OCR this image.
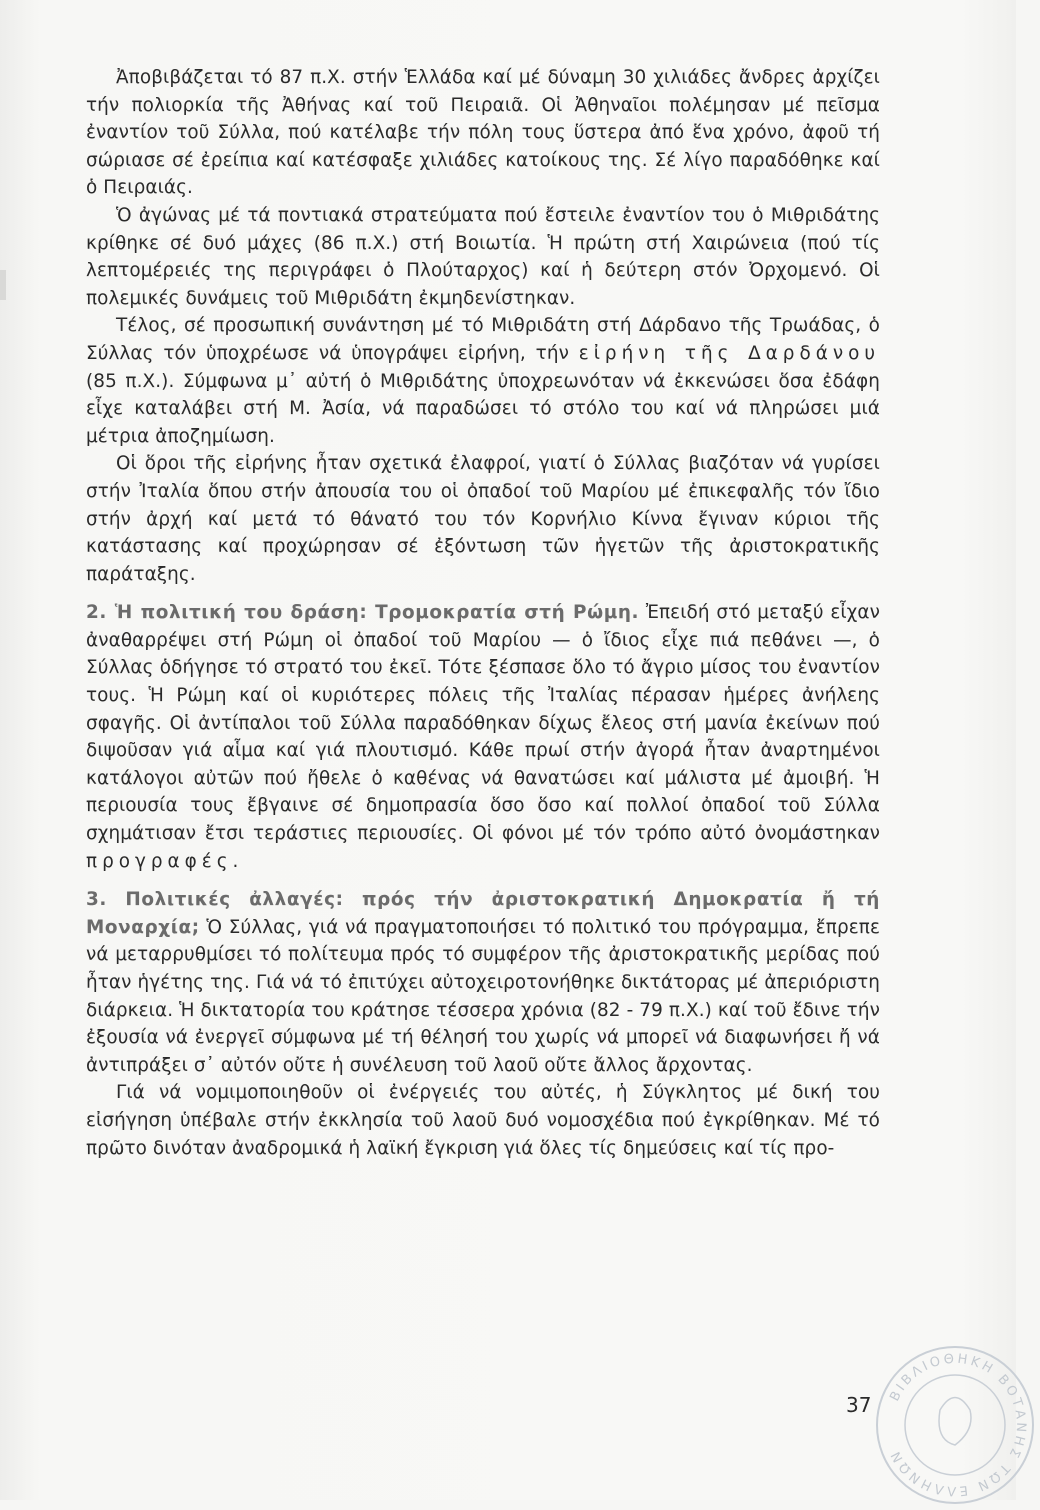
Ἀποβιβάζεται τό 87 π.Χ. στήν Ἑλλάδα καί μέ δύναμη 30 χιλιάδες ἄνδρες ἀρχίζει τήν πολιορκία τῆς Ἀθήνας καί τοῦ Πειραιᾶ. Οἱ Ἀθηναῖοι πολέμησαν μέ πεῖσμα ἐναντίον τοῦ Σύλλα, πού κατέλαβε τήν πόλη τους ὕστερα ἀπό ἕνα χρόνο, ἀφοῦ τή σώριασε σέ ἐρείπια καί κατέσφαξε χιλιάδες κατοίκους της. Σέ λίγο παραδόθηκε καί ὁ Πειραιάς.

Ὁ ἀγώνας μέ τά ποντιακά στρατεύματα πού ἔστειλε ἐναντίον του ὁ Μιθριδάτης κρίθηκε σέ δυό μάχες (86 π.Χ.) στή Βοιωτία. Ἡ πρώτη στή Χαιρώνεια (πού τίς λεπτομέρειές της περιγράφει ὁ Πλούταρχος) καί ἡ δεύτερη στόν Ὀρχομενό. Οἱ πολεμικές δυνάμεις τοῦ Μιθριδάτη ἐκμηδενίστηκαν.

Τέλος, σέ προσωπική συνάντηση μέ τό Μιθριδάτη στή Δάρδανο τῆς Τρωάδας, ὁ Σύλλας τόν ὑποχρέωσε νά ὑπογράψει εἰρήνη, τήν εἰρήνη τῆς Δαρδάνου (85 π.Χ.). Σύμφωνα μ᾽ αὐτή ὁ Μιθριδάτης ὑποχρεωνόταν νά ἐκκενώσει ὅσα ἐδάφη εἶχε καταλάβει στή Μ. Ἀσία, νά παραδώσει τό στόλο του καί νά πληρώσει μιά μέτρια ἀποζημίωση.

Οἱ ὅροι τῆς εἰρήνης ἦταν σχετικά ἐλαφροί, γιατί ὁ Σύλλας βιαζόταν νά γυρίσει στήν Ἰταλία ὅπου στήν ἀπουσία του οἱ ὀπαδοί τοῦ Μαρίου μέ ἐπικεφαλῆς τόν ἴδιο στήν ἀρχή καί μετά τό θάνατό του τόν Κορνήλιο Κίννα ἔγιναν κύριοι τῆς κατάστασης καί προχώρησαν σέ ἐξόντωση τῶν ἡγετῶν τῆς ἀριστοκρατικῆς παράταξης.

2. Ἡ πολιτική του δράση: Τρομοκρατία στή Ρώμη. Ἐπειδή στό μεταξύ εἶχαν ἀναθαρρέψει στή Ρώμη οἱ ὀπαδοί τοῦ Μαρίου — ὁ ἴδιος εἶχε πιά πεθάνει —, ὁ Σύλλας ὁδήγησε τό στρατό του ἐκεῖ. Τότε ξέσπασε ὅλο τό ἄγριο μίσος του ἐναντίον τους. Ἡ Ρώμη καί οἱ κυριότερες πόλεις τῆς Ἰταλίας πέρασαν ἡμέρες ἀνήλεης σφαγῆς. Οἱ ἀντίπαλοι τοῦ Σύλλα παραδόθηκαν δίχως ἔλεος στή μανία ἐκείνων πού διψοῦσαν γιά αἷμα καί γιά πλουτισμό. Κάθε πρωί στήν ἀγορά ἦταν ἀναρτημένοι κατάλογοι αὐτῶν πού ἤθελε ὁ καθένας νά θανατώσει καί μάλιστα μέ ἀμοιβή. Ἡ περιουσία τους ἔβγαινε σέ δημοπρασία ὅσο ὅσο καί πολλοί ὀπαδοί τοῦ Σύλλα σχημάτισαν ἔτσι τεράστιες περιουσίες. Οἱ φόνοι μέ τόν τρόπο αὐτό ὀνομάστηκαν προγραφές.

3. Πολιτικές ἀλλαγές: πρός τήν ἀριστοκρατική Δημοκρατία ἤ τή Μοναρχία; Ὁ Σύλλας, γιά νά πραγματοποιήσει τό πολιτικό του πρόγραμμα, ἔπρεπε νά μεταρρυθμίσει τό πολίτευμα πρός τό συμφέρον τῆς ἀριστοκρατικῆς μερίδας πού ἦταν ἡγέτης της. Γιά νά τό ἐπιτύχει αὐτοχειροτονήθηκε δικτάτορας μέ ἀπεριόριστη διάρκεια. Ἡ δικτατορία του κράτησε τέσσερα χρόνια (82 - 79 π.Χ.) καί τοῦ ἔδινε τήν ἐξουσία νά ἐνεργεῖ σύμφωνα μέ τή θέλησή του χωρίς νά μπορεῖ νά διαφωνήσει ἤ νά ἀντιπράξει σ᾽ αὐτόν οὔτε ἡ συνέλευση τοῦ λαοῦ οὔτε ἄλλος ἄρχοντας.

Γιά νά νομιμοποιηθοῦν οἱ ἐνέργειές του αὐτές, ἡ Σύγκλητος μέ δική του εἰσήγηση ὑπέβαλε στήν ἐκκλησία τοῦ λαοῦ δυό νομοσχέδια πού ἐγκρίθηκαν. Μέ τό πρῶτο δινόταν ἀναδρομικά ἡ λαϊκή ἔγκριση γιά ὅλες τίς δημεύσεις καί τίς προ-

37 ΒΙΒΛΙΟΘΗΚΗ ΒΟΤΑΝΗΣ ΤΩΝ ΕΛΛΗΝΩΝ
